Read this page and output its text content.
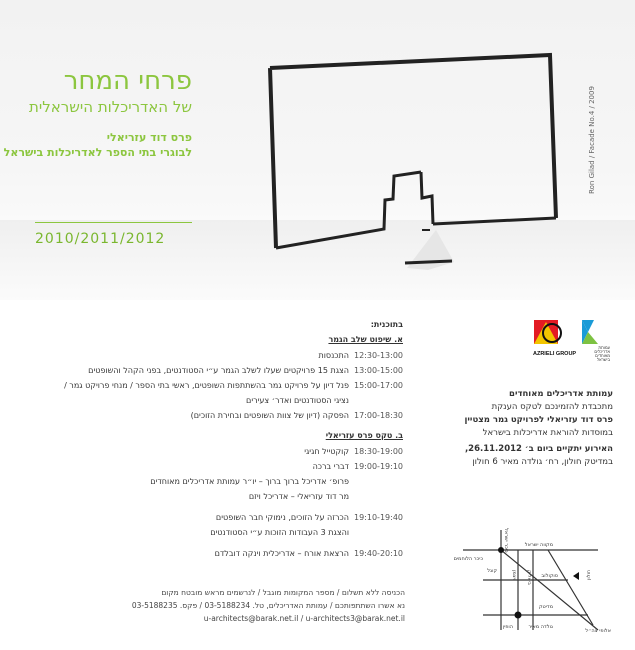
פרחי המחר
של האדריכלות הישראלית
פרס דוד עזריאלי
לבוגרי בתי הספר לאדריכלות בישראל
2010/2011/2012
Ron Gilad / Facade No.4 / 2009
בתוכנית:
א. שיפוט שלב הגמר
12:30-13:00
התכנסות
13:00-15:00
הצגת 15 פרויקטים שעלו לשלב הגמר ע״י הסטודנטים, בפני הקהל והשופטים
15:00-17:00
פנל דיון על פרויקט גמר בהשתתפות השופטים, ראשי בתי הספר / מנחי פרויקט גמר /
נציגי הסטודנטים ואדר׳ צעירים
17:00-18:30
הפסקה (דיון של צוות השופטים ובחירת הזוכים)
ב. טקס פרס עזריאלי
18:30-19:00
קוקטייל חגיגי
19:00-19:10
דברי ברכה
פרופ׳ אדריכל ברוך ברוך – יו״ר עמותת אדריכלים מאוחדים
מר דוד עזריאלי – אדריכל ויזם
19:10-19:40
הכרזה על הזוכים, נימוקי חבר השופטים
והצגת 3 העבודות הזוכות ע״י הסטודנטים
19:40-20:10
הרצאת אורח – אדריכלית וינקה דובלדם
AZRIELI GROUP
עמותת
אדריכלים
מאוחדים
בישראל
עמותת אדריכלים מאוחדים
מתכבדת להזמינכם לטקס הענקת
פרס דוד עזריאלי לפרויקט גמר מצטיין
במוסדות להוראת אדריכלות בישראל
האירוע יתקיים ביום ב׳ 26.11.2012,
במדיטק חולון, רח׳ גולדה מאיר 6 חולון
כיכר ישראל	מקווה ישראל
כיכר הלוחמים
קוגל
סוקולוב
ויצמן ביאליק
מדיטק
גולדה מאיר
הופין
אלופי צה״ל
חולון
הכניסה ללא תשלום / מספר המקומות מוגבל / לנרשמים מראש מובטח מקום
נא אשרו השתתפותכם / עמותת האדריכלים, טל. 03-5188234 / פקס. 03-5188235
u-architects@barak.net.il / u-architects3@barak.net.il
